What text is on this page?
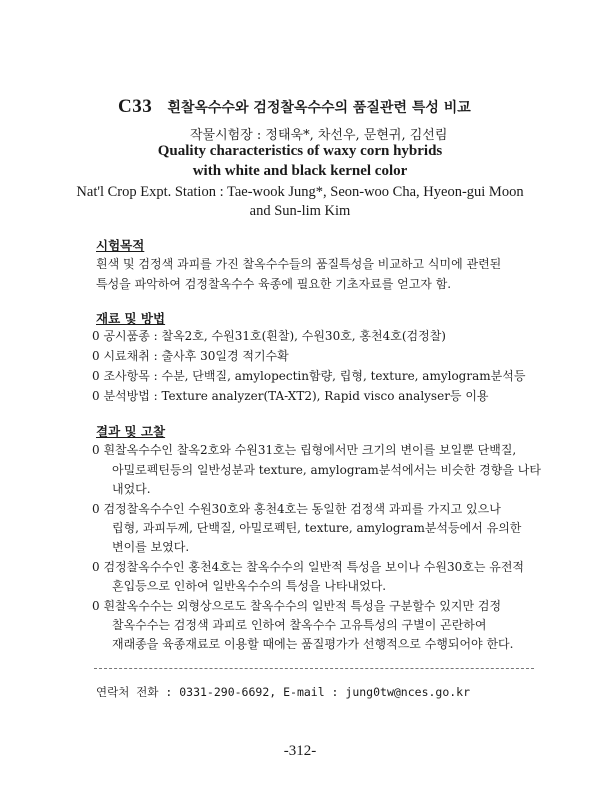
C33 흰찰옥수수와 검정찰옥수수의 품질관련 특성 비교
작물시험장 : 정태욱*, 차선우, 문현귀, 김선림
Quality characteristics of waxy corn hybrids
with white and black kernel color
Nat'l Crop Expt. Station : Tae-wook Jung*, Seon-woo Cha, Hyeon-gui Moon
and Sun-lim Kim
시험목적
흰색 및 검정색 과피를 가진 찰옥수수들의 품질특성을 비교하고 식미에 관련된
특성을 파악하여 검정찰옥수수 육종에 필요한 기초자료를 얻고자 함.
재료 및 방법
0 공시품종 : 찰옥2호, 수원31호(흰찰), 수원30호, 홍천4호(검정찰)
0 시료채취 : 출사후 30일경 적기수확
0 조사항목 : 수분, 단백질, amylopectin함량, 립형, texture, amylogram분석등
0 분석방법 : Texture analyzer(TA-XT2), Rapid visco analyser등 이용
결과 및 고찰
0 흰찰옥수수인 찰옥2호와 수원31호는 립형에서만 크기의 변이를 보일뿐 단백질,
아밀로펙틴등의 일반성분과 texture, amylogram분석에서는 비슷한 경향을 나타
내었다.
0 검정찰옥수수인 수원30호와 홍천4호는 동일한 검정색 과피를 가지고 있으나
립형, 과피두께, 단백질, 아밀로펙틴, texture, amylogram분석등에서 유의한
변이를 보였다.
0 검정찰옥수수인 홍천4호는 찰옥수수의 일반적 특성을 보이나 수원30호는 유전적
혼입등으로 인하여 일반옥수수의 특성을 나타내었다.
0 흰찰옥수수는 외형상으로도 찰옥수수의 일반적 특성을 구분할수 있지만 검정
찰옥수수는 검정색 과피로 인하여 찰옥수수 고유특성의 구별이 곤란하여
재래종을 육종재료로 이용할 때에는 품질평가가 선행적으로 수행되어야 한다.
연락처 전화 : 0331-290-6692, E-mail : jung0tw@nces.go.kr
-312-
